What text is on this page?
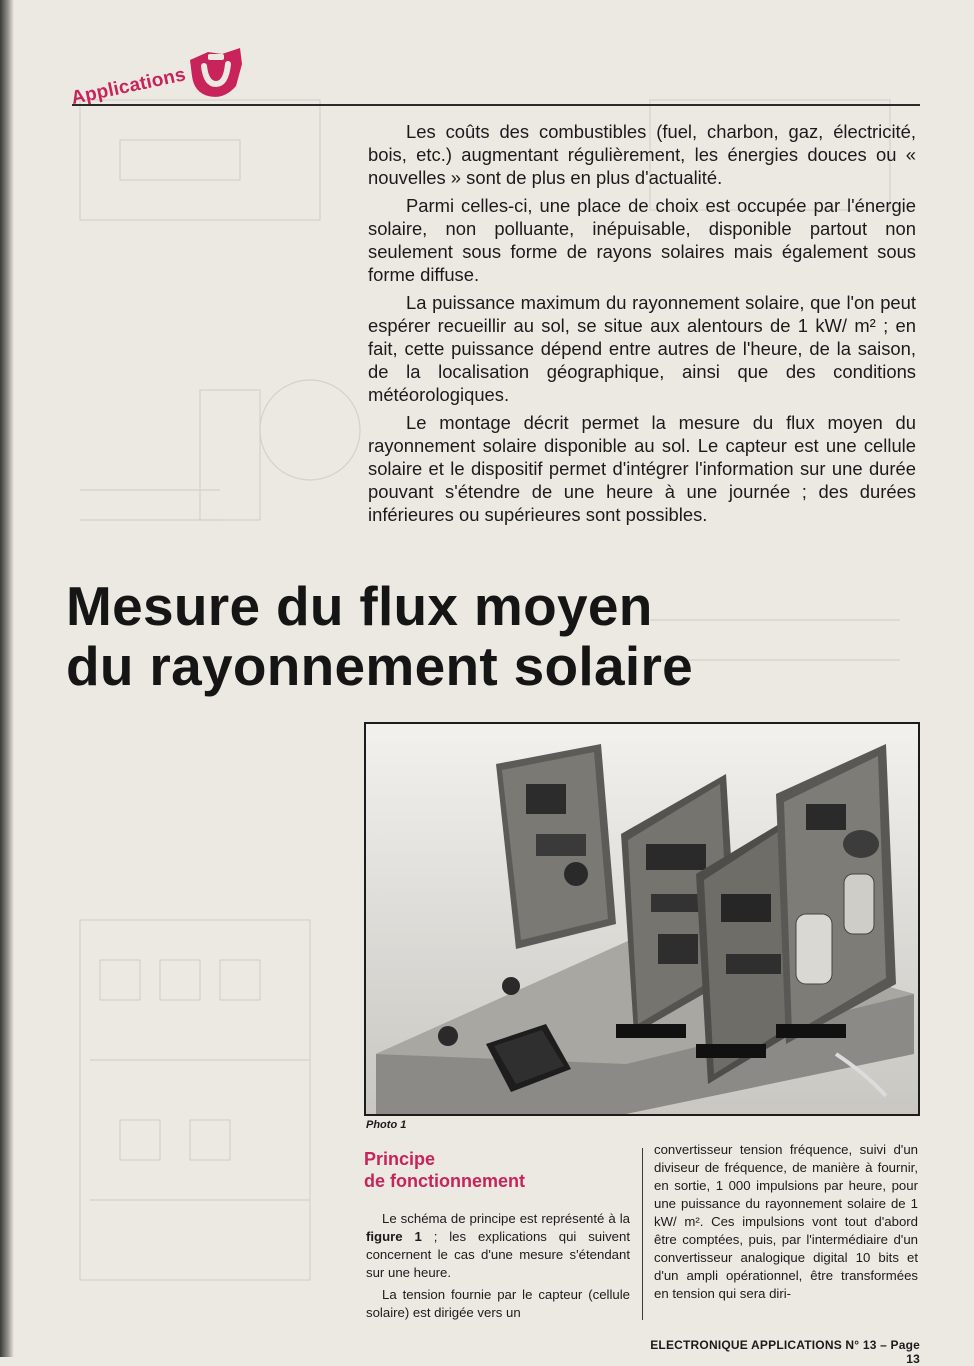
Applications

Les coûts des combustibles (fuel, charbon, gaz, électricité, bois, etc.) augmentant régulièrement, les énergies douces ou « nouvelles » sont de plus en plus d'actualité.

Parmi celles-ci, une place de choix est occupée par l'énergie solaire, non polluante, inépuisable, disponible partout non seulement sous forme de rayons solaires mais également sous forme diffuse.

La puissance maximum du rayonnement solaire, que l'on peut espérer recueillir au sol, se situe aux alentours de 1 kW/ m² ; en fait, cette puissance dépend entre autres de l'heure, de la saison, de la localisation géographique, ainsi que des conditions météorologiques.

Le montage décrit permet la mesure du flux moyen du rayonnement solaire disponible au sol. Le capteur est une cellule solaire et le dispositif permet d'intégrer l'information sur une durée pouvant s'étendre de une heure à une journée ; des durées inférieures ou supérieures sont possibles.

Mesure du flux moyen
du rayonnement solaire
Photo 1
Principe
de fonctionnement

Le schéma de principe est représenté à la figure 1 ; les explications qui suivent concernent le cas d'une mesure s'étendant sur une heure.

La tension fournie par le capteur (cellule solaire) est dirigée vers un

convertisseur tension fréquence, suivi d'un diviseur de fréquence, de manière à fournir, en sortie, 1 000 impulsions par heure, pour une puissance du rayonnement solaire de 1 kW/ m². Ces impulsions vont tout d'abord être comptées, puis, par l'intermédiaire d'un convertisseur analogique digital 10 bits et d'un ampli opérationnel, être transformées en tension qui sera diri-

ELECTRONIQUE APPLICATIONS N° 13 – Page 13
